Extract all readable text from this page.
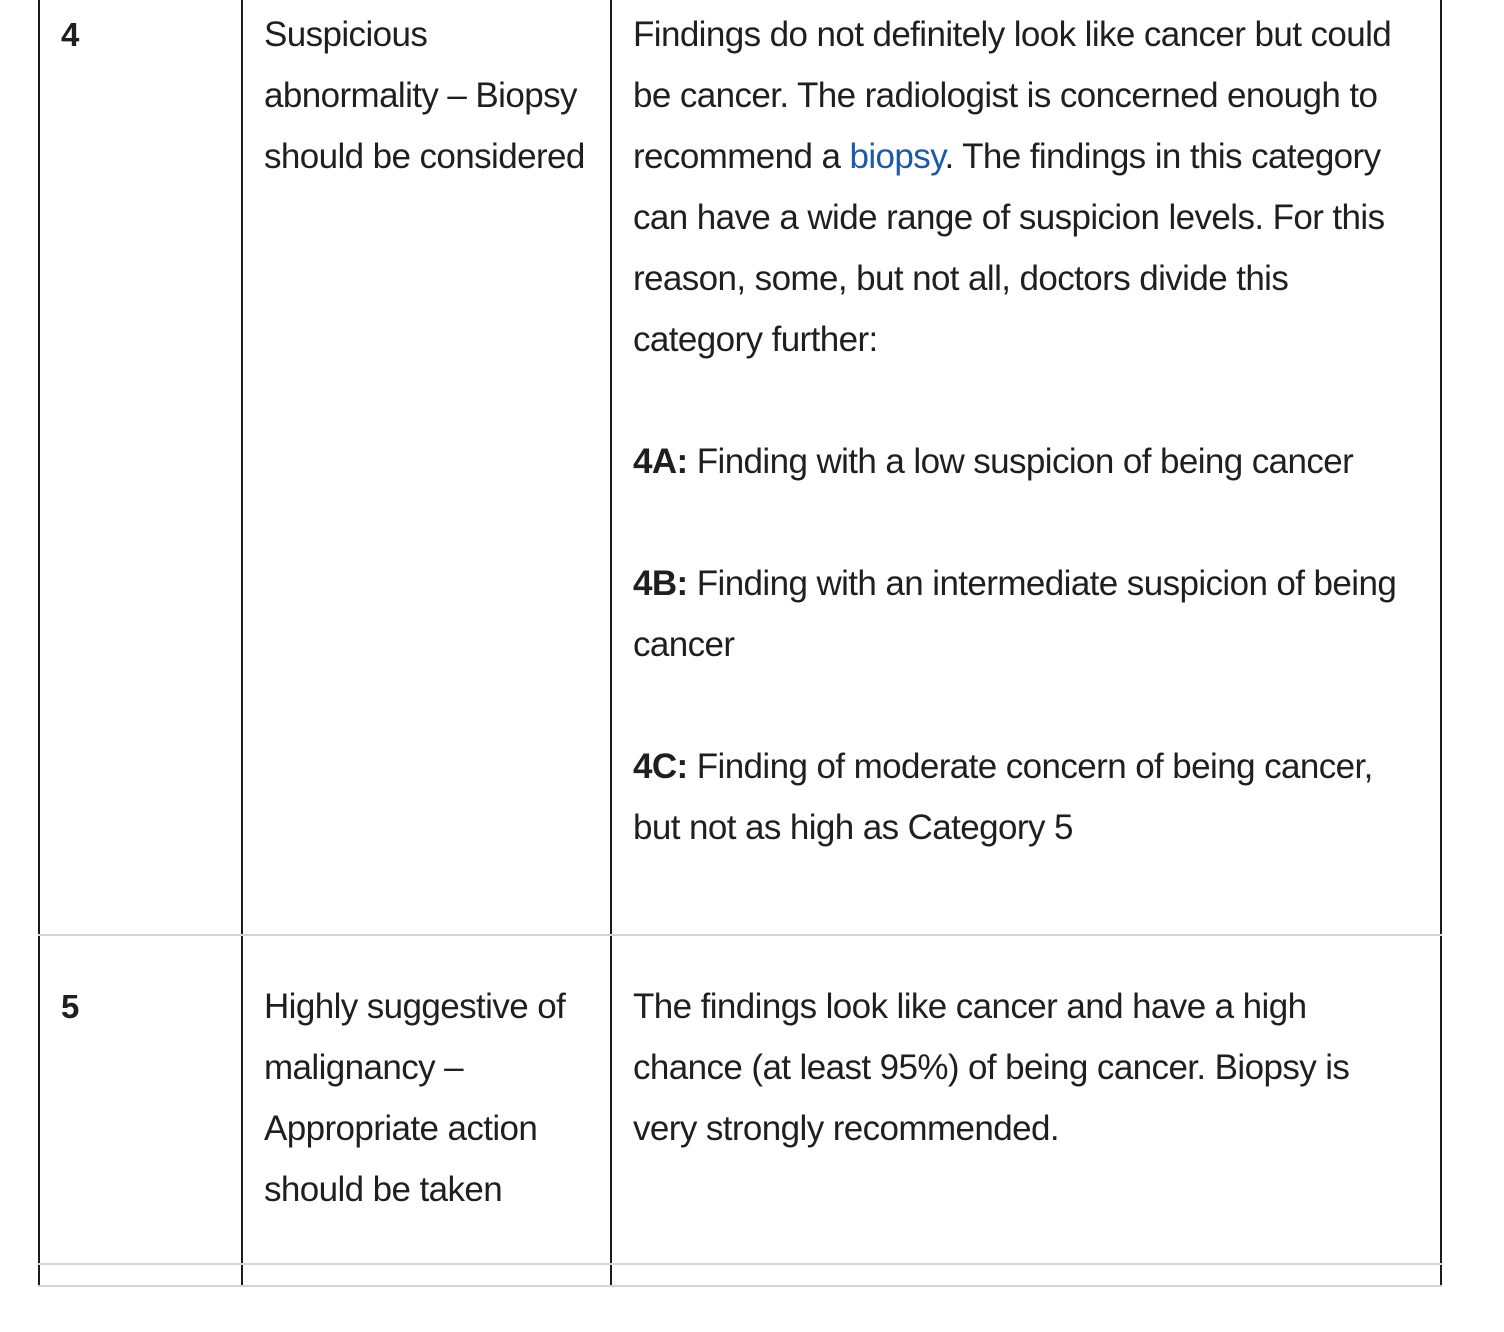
4	Suspicious abnormality – Biopsy should be considered	Findings do not definitely look like cancer but could be cancer. The radiologist is concerned enough to recommend a biopsy. The findings in this category can have a wide range of suspicion levels. For this reason, some, but not all, doctors divide this category further:

4A: Finding with a low suspicion of being cancer

4B: Finding with an intermediate suspicion of being cancer

4C: Finding of moderate concern of being cancer, but not as high as Category 5

5	Highly suggestive of malignancy – Appropriate action should be taken	The findings look like cancer and have a high chance (at least 95%) of being cancer. Biopsy is very strongly recommended.
